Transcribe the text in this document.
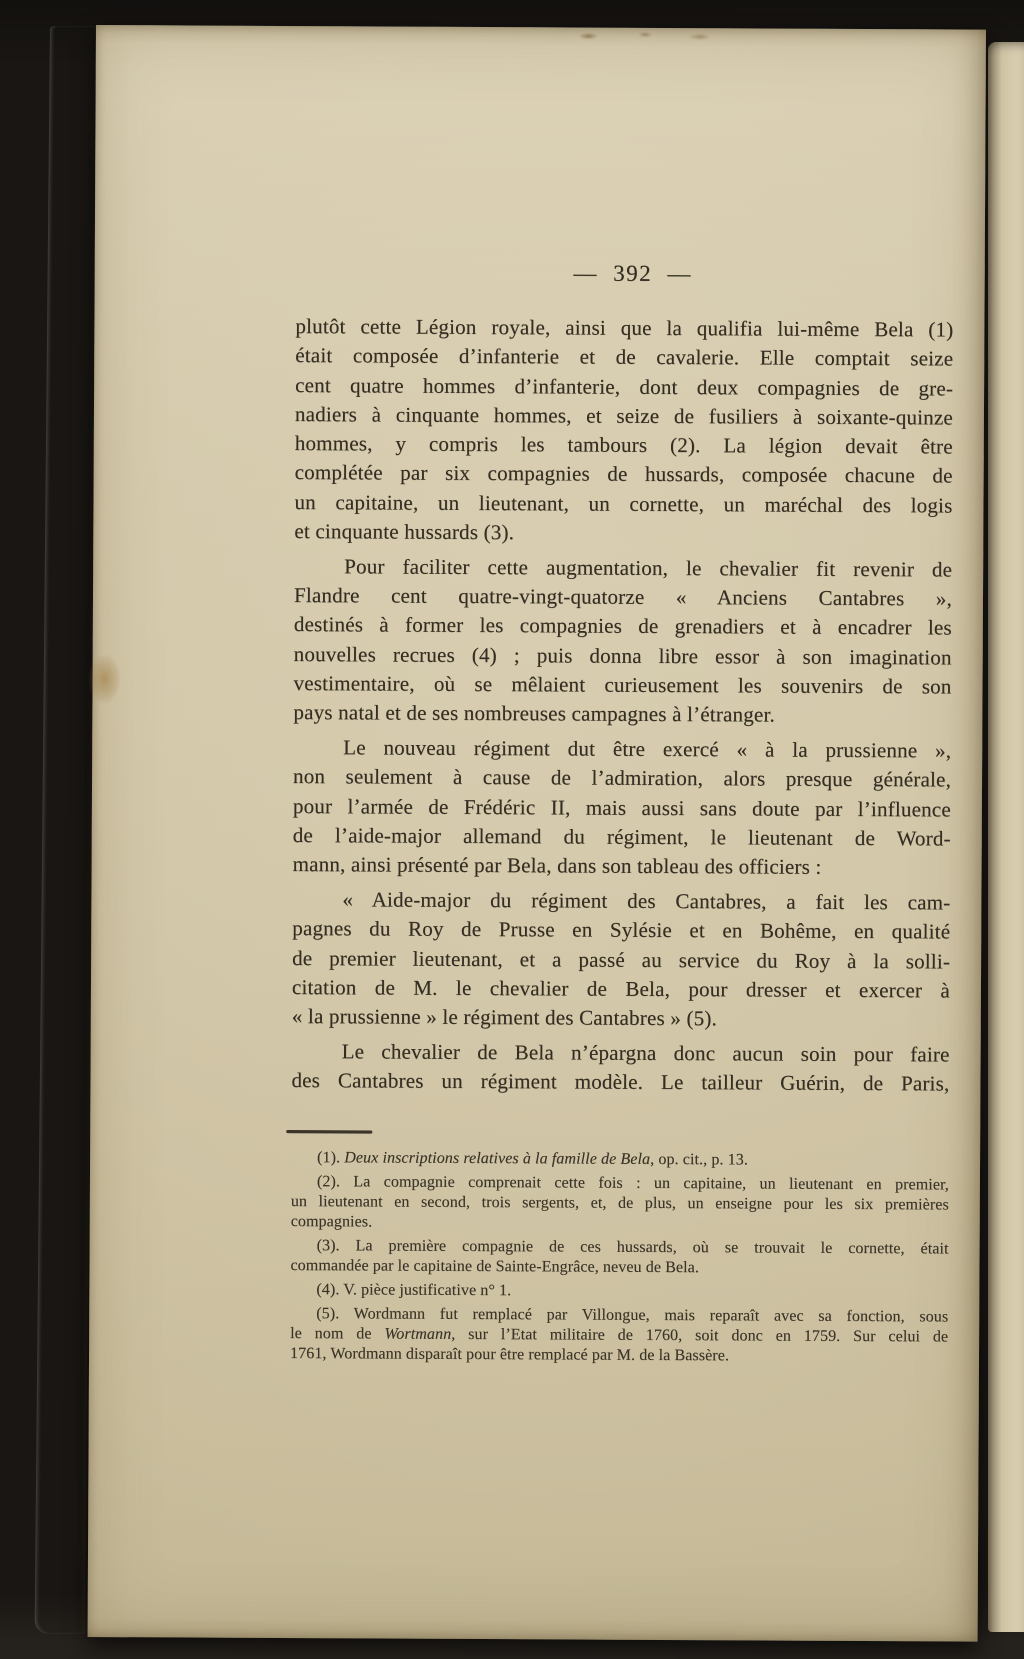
— 392 —

plutôt cette Légion royale, ainsi que la qualifia lui-même Bela (1)
était composée d’infanterie et de cavalerie. Elle comptait seize
cent quatre hommes d’infanterie, dont deux compagnies de gre-
nadiers à cinquante hommes, et seize de fusiliers à soixante-quinze
hommes, y compris les tambours (2). La légion devait être
complétée par six compagnies de hussards, composée chacune de
un capitaine, un lieutenant, un cornette, un maréchal des logis
et cinquante hussards (3).

Pour faciliter cette augmentation, le chevalier fit revenir de
Flandre cent quatre-vingt-quatorze « Anciens Cantabres »,
destinés à former les compagnies de grenadiers et à encadrer les
nouvelles recrues (4) ; puis donna libre essor à son imagination
vestimentaire, où se mêlaient curieusement les souvenirs de son
pays natal et de ses nombreuses campagnes à l’étranger.

Le nouveau régiment dut être exercé « à la prussienne »,
non seulement à cause de l’admiration, alors presque générale,
pour l’armée de Frédéric II, mais aussi sans doute par l’influence
de l’aide-major allemand du régiment, le lieutenant de Word-
mann, ainsi présenté par Bela, dans son tableau des officiers :

« Aide-major du régiment des Cantabres, a fait les cam-
pagnes du Roy de Prusse en Sylésie et en Bohême, en qualité
de premier lieutenant, et a passé au service du Roy à la solli-
citation de M. le chevalier de Bela, pour dresser et exercer à
« la prussienne » le régiment des Cantabres » (5).

Le chevalier de Bela n’épargna donc aucun soin pour faire
des Cantabres un régiment modèle. Le tailleur Guérin, de Paris,

(1). Deux inscriptions relatives à la famille de Bela, op. cit., p. 13.

(2). La compagnie comprenait cette fois : un capitaine, un lieutenant en premier,
un lieutenant en second, trois sergents, et, de plus, un enseigne pour les six premières
compagnies.

(3). La première compagnie de ces hussards, où se trouvait le cornette, était
commandée par le capitaine de Sainte-Engrâce, neveu de Bela.

(4). V. pièce justificative n° 1.

(5). Wordmann fut remplacé par Villongue, mais reparaît avec sa fonction, sous
le nom de Wortmann, sur l’Etat militaire de 1760, soit donc en 1759. Sur celui de
1761, Wordmann disparaît pour être remplacé par M. de la Bassère.
